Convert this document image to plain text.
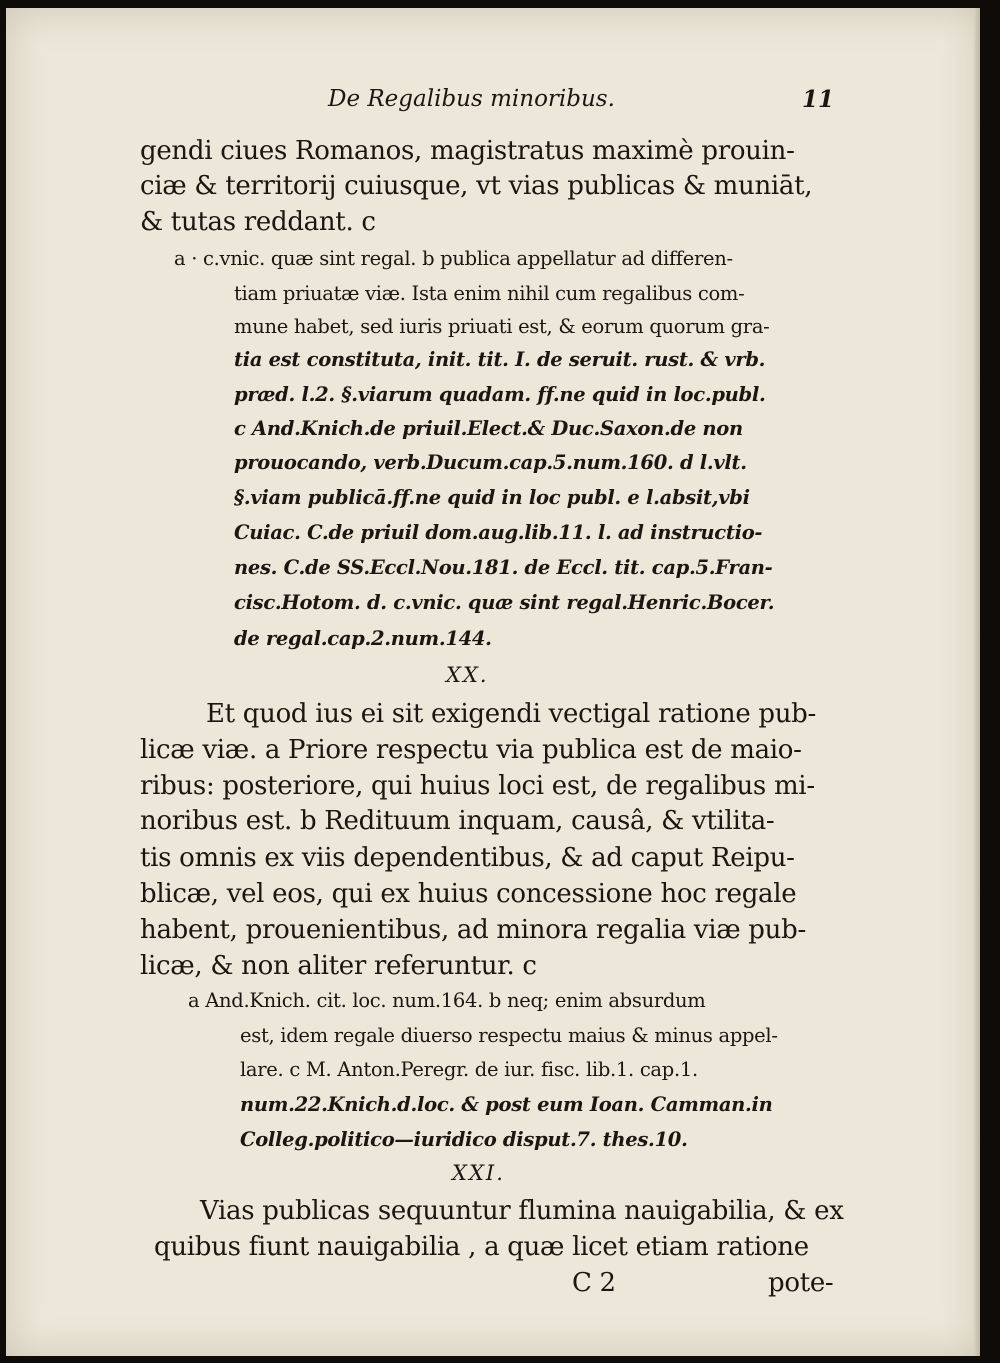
De Regalibus minoribus.	11
gendi ciues Romanos, magistratus maximè prouin-
ciæ & territorij cuiusque, vt vias publicas & muniāt,
& tutas reddant. c
a · c.vnic. quæ sint regal. b publica appellatur ad differen-
tiam priuatæ viæ. Ista enim nihil cum regalibus com-
mune habet, sed iuris priuati est, & eorum quorum gra-
tia est constituta, init. tit. I. de seruit. rust. & vrb.
præd. l.2. §.viarum quadam. ff.ne quid in loc.publ.
c And.Knich.de priuil.Elect.& Duc.Saxon.de non
prouocando, verb.Ducum.cap.5.num.160. d l.vlt.
§.viam publicā.ff.ne quid in loc publ. e l.absit,vbi
Cuiac. C.de priuil dom.aug.lib.11. l. ad instructio-
nes. C.de SS.Eccl.Nou.181. de Eccl. tit. cap.5.Fran-
cisc.Hotom. d. c.vnic. quæ sint regal.Henric.Bocer.
de regal.cap.2.num.144.
XX.
Et quod ius ei sit exigendi vectigal ratione pub-
licæ viæ. a Priore respectu via publica est de maio-
ribus: posteriore, qui huius loci est, de regalibus mi-
noribus est. b Redituum inquam, causâ, & vtilita-
tis omnis ex viis dependentibus, & ad caput Reipu-
blicæ, vel eos, qui ex huius concessione hoc regale
habent, prouenientibus, ad minora regalia viæ pub-
licæ, & non aliter referuntur. c
a And.Knich. cit. loc. num.164. b neq; enim absurdum
est, idem regale diuerso respectu maius & minus appel-
lare. c M. Anton.Peregr. de iur. fisc. lib.1. cap.1.
num.22.Knich.d.loc. & post eum Ioan. Camman.in
Colleg.politico—iuridico disput.7. thes.10.
XXI.
Vias publicas sequuntur flumina nauigabilia, & ex
quibus fiunt nauigabilia , a quæ licet etiam ratione
C 2	pote-
